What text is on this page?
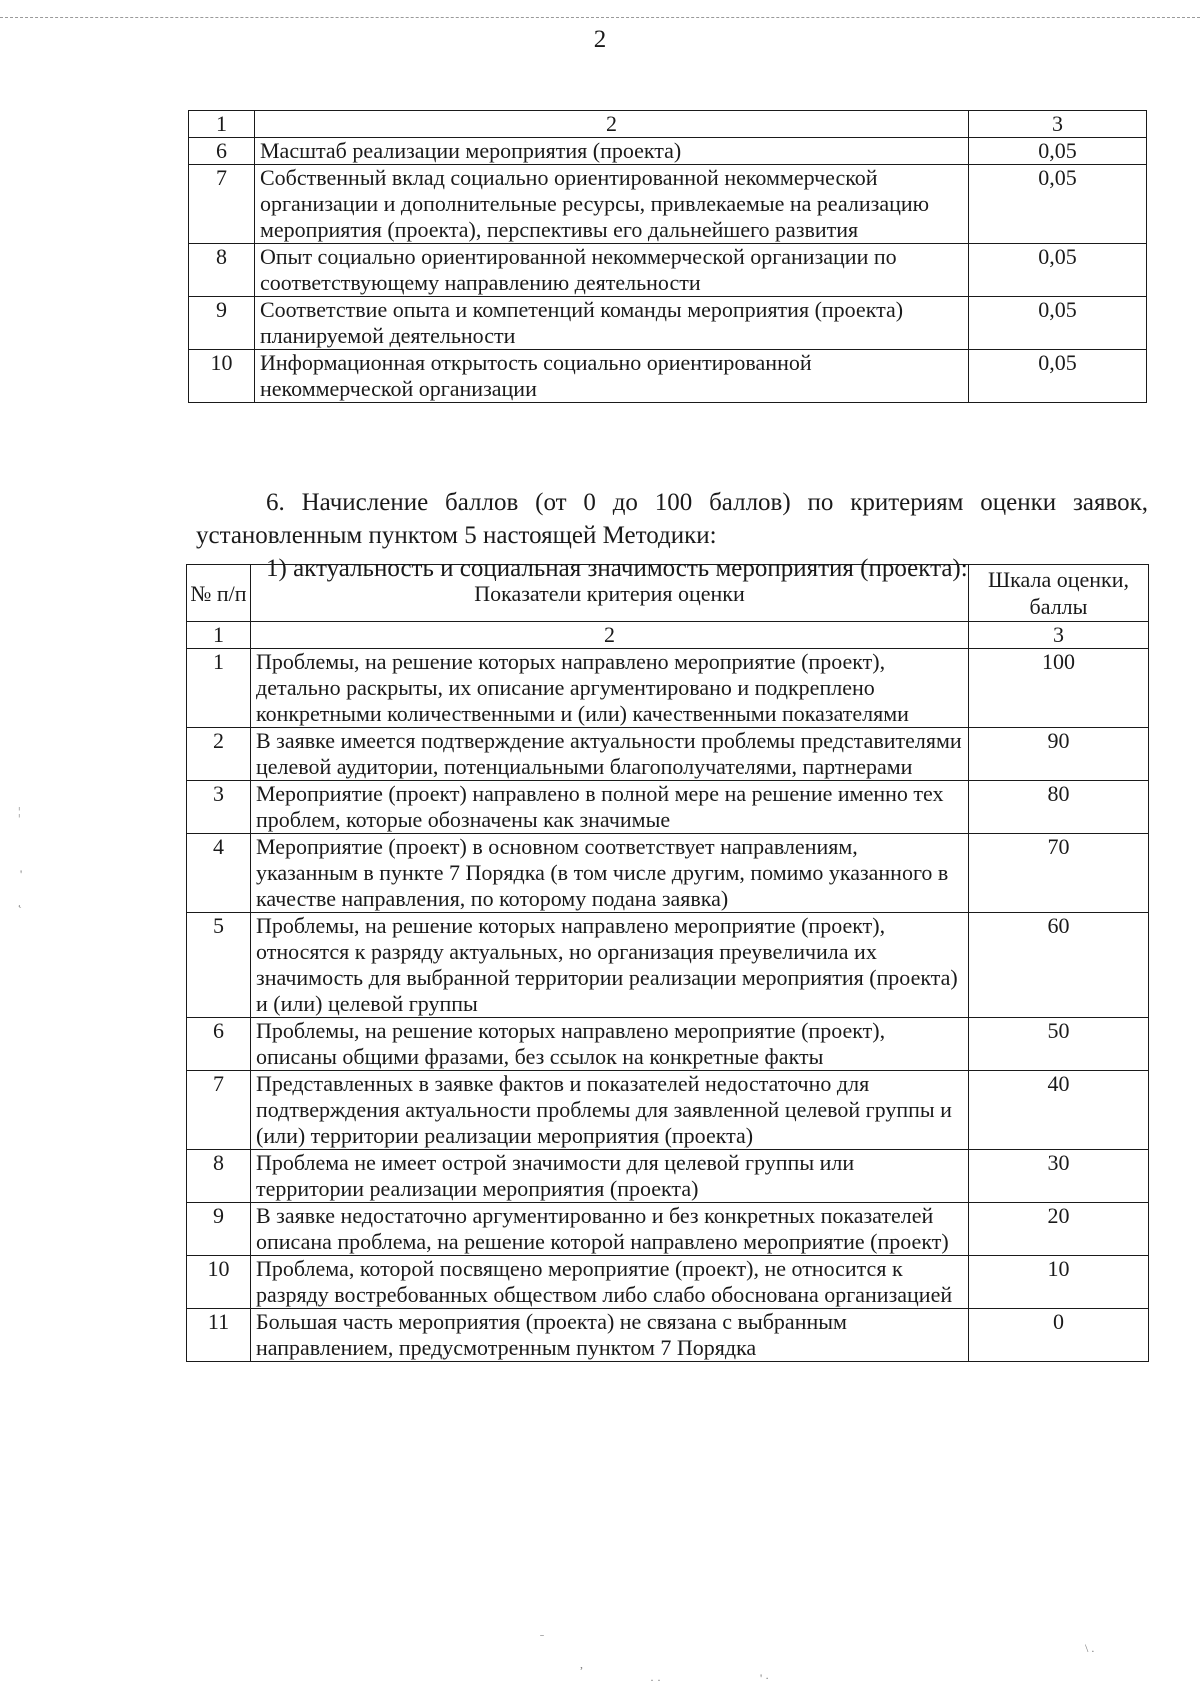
2
1	2	3
6	Масштаб реализации мероприятия (проекта)	0,05
7	Собственный вклад социально ориентированной некоммерческой организации и дополнительные ресурсы, привлекаемые на реализацию мероприятия (проекта), перспективы его дальнейшего развития	0,05
8	Опыт социально ориентированной некоммерческой организации по соответствующему направлению деятельности	0,05
9	Соответствие опыта и компетенций команды мероприятия (проекта) планируемой деятельности	0,05
10	Информационная открытость социально ориентированной некоммерческой организации	0,05

6. Начисление баллов (от 0 до 100 баллов) по критериям оценки заявок, установленным пунктом 5 настоящей Методики:

1) актуальность и социальная значимость мероприятия (проекта):

№ п/п	Показатели критерия оценки	Шкала оценки, баллы
1	2	3
1	Проблемы, на решение которых направлено мероприятие (проект), детально раскрыты, их описание аргументировано и подкреплено конкретными количественными и (или) качественными показателями	100
2	В заявке имеется подтверждение актуальности проблемы представителями целевой аудитории, потенциальными благополучателями, партнерами	90
3	Мероприятие (проект) направлено в полной мере на решение именно тех проблем, которые обозначены как значимые	80
4	Мероприятие (проект) в основном соответствует направлениям, указанным в пункте 7 Порядка (в том числе другим, помимо указанного в качестве направления, по которому подана заявка)	70
5	Проблемы, на решение которых направлено мероприятие (проект), относятся к разряду актуальных, но организация преувеличила их значимость для выбранной территории реализации мероприятия (проекта) и (или) целевой группы	60
6	Проблемы, на решение которых направлено мероприятие (проект), описаны общими фразами, без ссылок на конкретные факты	50
7	Представленных в заявке фактов и показателей недостаточно для подтверждения актуальности проблемы для заявленной целевой группы и (или) территории реализации мероприятия (проекта)	40
8	Проблема не имеет острой значимости для целевой группы или территории реализации мероприятия (проекта)	30
9	В заявке недостаточно аргументированно и без конкретных показателей описана проблема, на решение которой направлено мероприятие (проект)	20
10	Проблема, которой посвящено мероприятие (проект), не относится к разряду востребованных обществом либо слабо обоснована организацией	10
11	Большая часть мероприятия (проекта) не связана с выбранным направлением, предусмотренным пунктом 7 Порядка	0
¦
'
˛
ˉ
,
· ·	' ·
\ .
